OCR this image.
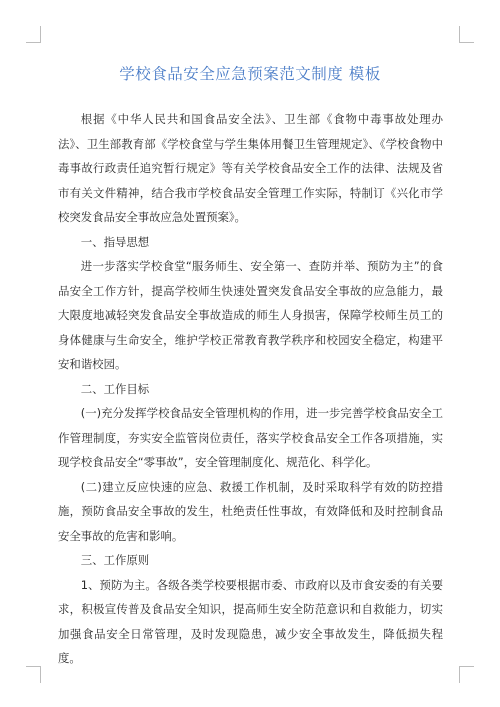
学校食品安全应急预案范文制度 模板

根据《中华人民共和国食品安全法》、卫生部《食物中毒事故处理办法》、卫生部教育部《学校食堂与学生集体用餐卫生管理规定》、《学校食物中毒事故行政责任追究暂行规定》等有关学校食品安全工作的法律、法规及省市有关文件精神，结合我市学校食品安全管理工作实际，特制订《兴化市学校突发食品安全事故应急处置预案》。

一、指导思想

进一步落实学校食堂“服务师生、安全第一、查防并举、预防为主”的食品安全工作方针，提高学校师生快速处置突发食品安全事故的应急能力，最大限度地减轻突发食品安全事故造成的师生人身损害，保障学校师生员工的身体健康与生命安全，维护学校正常教育教学秩序和校园安全稳定，构建平安和谐校园。

二、工作目标

(一)充分发挥学校食品安全管理机构的作用，进一步完善学校食品安全工作管理制度，夯实安全监管岗位责任，落实学校食品安全工作各项措施，实现学校食品安全“零事故”，安全管理制度化、规范化、科学化。

(二)建立反应快速的应急、救援工作机制，及时采取科学有效的防控措施，预防食品安全事故的发生，杜绝责任性事故，有效降低和及时控制食品安全事故的危害和影响。

三、工作原则

1、预防为主。各级各类学校要根据市委、市政府以及市食安委的有关要求，积极宣传普及食品安全知识，提高师生安全防范意识和自救能力，切实加强食品安全日常管理，及时发现隐患，减少安全事故发生，降低损失程度。
